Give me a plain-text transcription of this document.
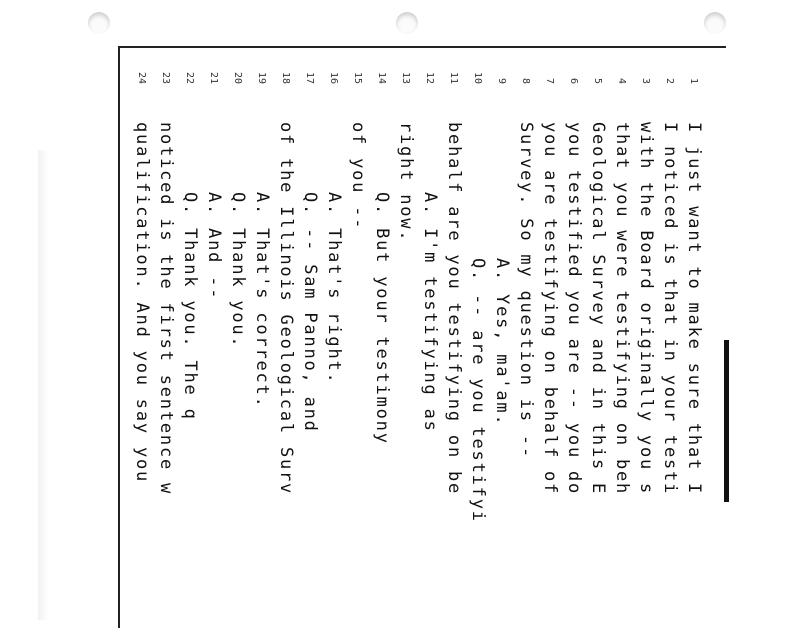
1
I just want to make sure that I
2
I noticed is that in your testi
3
with the Board originally you s
4
that you were testifying on beh
5
Geological Survey and in this E
6
you testified you are -- you do
7
you are testifying on behalf of
8
Survey. So my question is --
9
A. Yes, ma'am.
10
Q. -- are you testifyi
11
behalf are you testifying on be
12
A. I'm testifying as
13
right now.
14
Q. But your testimony
15
of you --
16
A. That's right.
17
Q. -- Sam Panno, and
18
of the Illinois Geological Surv
19
A. That's correct.
20
Q. Thank you.
21
A. And --
22
Q. Thank you. The q
23
noticed is the first sentence w
24
qualification. And you say you
